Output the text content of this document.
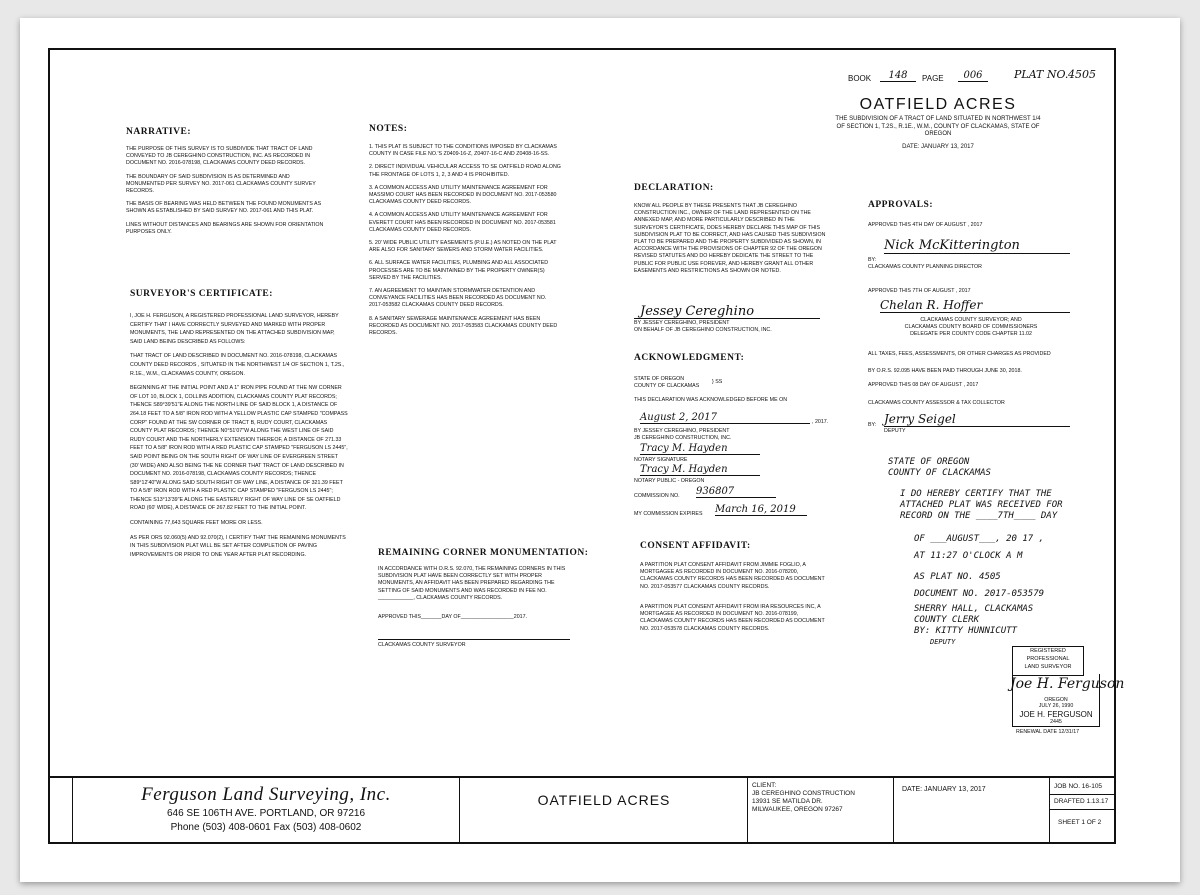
BOOK	148	PAGE	006	PLAT NO. 4505
OATFIELD ACRES
THE SUBDIVISION OF A TRACT OF LAND SITUATED IN NORTHWEST 1/4 OF SECTION 1, T.2S., R.1E., W.M., COUNTY OF CLACKAMAS, STATE OF OREGON
DATE: JANUARY 13, 2017
NARRATIVE:

THE PURPOSE OF THIS SURVEY IS TO SUBDIVIDE THAT TRACT OF LAND CONVEYED TO JB CEREGHINO CONSTRUCTION, INC. AS RECORDED IN DOCUMENT NO. 2016-078198, CLACKAMAS COUNTY DEED RECORDS.

THE BOUNDARY OF SAID SUBDIVISION IS AS DETERMINED AND MONUMENTED PER SURVEY NO. 2017-061 CLACKAMAS COUNTY SURVEY RECORDS.

THE BASIS OF BEARING WAS HELD BETWEEN THE FOUND MONUMENTS AS SHOWN AS ESTABLISHED BY SAID SURVEY NO. 2017-061 AND THIS PLAT.

LINES WITHOUT DISTANCES AND BEARINGS ARE SHOWN FOR ORIENTATION PURPOSES ONLY.

SURVEYOR'S CERTIFICATE:

I, JOE H. FERGUSON, A REGISTERED PROFESSIONAL LAND SURVEYOR, HEREBY CERTIFY THAT I HAVE CORRECTLY SURVEYED AND MARKED WITH PROPER MONUMENTS, THE LAND REPRESENTED ON THE ATTACHED SUBDIVISION MAP, SAID LAND BEING DESCRIBED AS FOLLOWS:

THAT TRACT OF LAND DESCRIBED IN DOCUMENT NO. 2016-078198, CLACKAMAS COUNTY DEED RECORDS , SITUATED IN THE NORTHWEST 1/4 OF SECTION 1, T.2S., R.1E., W.M., CLACKAMAS COUNTY, OREGON.

BEGINNING AT THE INITIAL POINT AND A 1" IRON PIPE FOUND AT THE NW CORNER OF LOT 10, BLOCK 1, COLLINS ADDITION, CLACKAMAS COUNTY PLAT RECORDS; THENCE S89°39'51"E ALONG THE NORTH LINE OF SAID BLOCK 1, A DISTANCE OF 264.18 FEET TO A 5/8" IRON ROD WITH A YELLOW PLASTIC CAP STAMPED "COMPASS CORP" FOUND AT THE SW CORNER OF TRACT B, RUDY COURT, CLACKAMAS COUNTY PLAT RECORDS; THENCE N0°51'07"W ALONG THE WEST LINE OF SAID RUDY COURT AND THE NORTHERLY EXTENSION THEREOF, A DISTANCE OF 271.33 FEET TO A 5/8" IRON ROD WITH A RED PLASTIC CAP STAMPED "FERGUSON LS 2445", SAID POINT BEING ON THE SOUTH RIGHT OF WAY LINE OF EVERGREEN STREET (30' WIDE) AND ALSO BEING THE NE CORNER THAT TRACT OF LAND DESCRIBED IN DOCUMENT NO. 2016-078198, CLACKAMAS COUNTY RECORDS; THENCE S89°12'40"W ALONG SAID SOUTH RIGHT OF WAY LINE, A DISTANCE OF 321.39 FEET TO A 5/8" IRON ROD WITH A RED PLASTIC CAP STAMPED "FERGUSON LS 2445"; THENCE S13°13'39"E ALONG THE EASTERLY RIGHT OF WAY LINE OF SE OATFIELD ROAD (60' WIDE), A DISTANCE OF 267.82 FEET TO THE INITIAL POINT.

CONTAINING 77,643 SQUARE FEET MORE OR LESS.

AS PER ORS 92.060(5) AND 92.070(2), I CERTIFY THAT THE REMAINING MONUMENTS IN THIS SUBDIVISION PLAT WILL BE SET AFTER COMPLETION OF PAVING IMPROVEMENTS OR PRIOR TO ONE YEAR AFTER PLAT RECORDING.

NOTES:

1. THIS PLAT IS SUBJECT TO THE CONDITIONS IMPOSED BY CLACKAMAS COUNTY IN CASE FILE NO.'S Z0409-16-Z, Z0407-16-C AND Z0408-16-SS.

2. DIRECT INDIVIDUAL VEHICULAR ACCESS TO SE OATFIELD ROAD ALONG THE FRONTAGE OF LOTS 1, 2, 3 AND 4 IS PROHIBITED.

3. A COMMON ACCESS AND UTILITY MAINTENANCE AGREEMENT FOR MASSIMO COURT HAS BEEN RECORDED IN DOCUMENT NO. 2017-053580 CLACKAMAS COUNTY DEED RECORDS.

4. A COMMON ACCESS AND UTILITY MAINTENANCE AGREEMENT FOR EVERETT COURT HAS BEEN RECORDED IN DOCUMENT NO. 2017-053581 CLACKAMAS COUNTY DEED RECORDS.

5. 20' WIDE PUBLIC UTILITY EASEMENTS (P.U.E.) AS NOTED ON THE PLAT ARE ALSO FOR SANITARY SEWERS AND STORM WATER FACILITIES.

6. ALL SURFACE WATER FACILITIES, PLUMBING AND ALL ASSOCIATED PROCESSES ARE TO BE MAINTAINED BY THE PROPERTY OWNER(S) SERVED BY THE FACILITIES.

7. AN AGREEMENT TO MAINTAIN STORMWATER DETENTION AND CONVEYANCE FACILITIES HAS BEEN RECORDED AS DOCUMENT NO. 2017-053582 CLACKAMAS COUNTY DEED RECORDS.

8. A SANITARY SEWERAGE MAINTENANCE AGREEMENT HAS BEEN RECORDED AS DOCUMENT NO. 2017-053583 CLACKAMAS COUNTY DEED RECORDS.

REMAINING CORNER MONUMENTATION:
IN ACCORDANCE WITH O.R.S. 92.070, THE REMAINING CORNERS IN THIS SUBDIVISION PLAT HAVE BEEN CORRECTLY SET WITH PROPER MONUMENTS, AN AFFIDAVIT HAS BEEN PREPARED REGARDING THE SETTING OF SAID MONUMENTS AND WAS RECORDED IN FEE NO. ____________, CLACKAMAS COUNTY RECORDS.
APPROVED THIS_______DAY OF__________________2017.
CLACKAMAS COUNTY SURVEYOR
DECLARATION:
KNOW ALL PEOPLE BY THESE PRESENTS THAT JB CEREGHINO CONSTRUCTION INC., OWNER OF THE LAND REPRESENTED ON THE ANNEXED MAP, AND MORE PARTICULARLY DESCRIBED IN THE SURVEYOR'S CERTIFICATE, DOES HEREBY DECLARE THIS MAP OF THIS SUBDIVISION PLAT TO BE CORRECT, AND HAS CAUSED THIS SUBDIVISION PLAT TO BE PREPARED AND THE PROPERTY SUBDIVIDED AS SHOWN, IN ACCORDANCE WITH THE PROVISIONS OF CHAPTER 92 OF THE OREGON REVISED STATUTES AND DO HEREBY DEDICATE THE STREET TO THE PUBLIC FOR PUBLIC USE FOREVER, AND HEREBY GRANT ALL OTHER EASEMENTS AND RESTRICTIONS AS SHOWN OR NOTED.
Jessey Cereghino
BY JESSEY CEREGHINO, PRESIDENT
ON BEHALF OF JB CEREGHINO CONSTRUCTION, INC.
ACKNOWLEDGMENT:
STATE OF OREGON
COUNTY OF CLACKAMAS
} SS
THIS DECLARATION WAS ACKNOWLEDGED BEFORE ME ON
August 2, 2017	, 2017.
BY JESSEY CEREGHINO, PRESIDENT
JB CEREGHINO CONSTRUCTION, INC.
Tracy M. Hayden
NOTARY SIGNATURE
Tracy M. Hayden
NOTARY PUBLIC - OREGON
COMMISSION NO. 936807
MY COMMISSION EXPIRES March 16, 2019
CONSENT AFFIDAVIT:
A PARTITION PLAT CONSENT AFFIDAVIT FROM JIMMIE FOGLIO, A MORTGAGEE AS RECORDED IN DOCUMENT NO. 2016-078200, CLACKAMAS COUNTY RECORDS HAS BEEN RECORDED AS DOCUMENT NO. 2017-053577 CLACKAMAS COUNTY RECORDS.
A PARTITION PLAT CONSENT AFFIDAVIT FROM IRA RESOURCES INC, A MORTGAGEE AS RECORDED IN DOCUMENT NO. 2016-078199, CLACKAMAS COUNTY RECORDS HAS BEEN RECORDED AS DOCUMENT NO. 2017-053578 CLACKAMAS COUNTY RECORDS.
APPROVALS:
APPROVED THIS 4TH DAY OF AUGUST , 2017
BY:
Nick McKitterington
CLACKAMAS COUNTY PLANNING DIRECTOR
APPROVED THIS 7TH OF AUGUST , 2017
Chelan R. Hoffer
CLACKAMAS COUNTY SURVEYOR; AND
CLACKAMAS COUNTY BOARD OF COMMISSIONERS
DELEGATE PER COUNTY CODE CHAPTER 11.02
ALL TAXES, FEES, ASSESSMENTS, OR OTHER CHARGES AS PROVIDED
BY O.R.S. 92.095 HAVE BEEN PAID THROUGH JUNE 30, 2018.
APPROVED THIS 08 DAY OF AUGUST , 2017
CLACKAMAS COUNTY ASSESSOR & TAX COLLECTOR
BY: Jerry Seigel
DEPUTY
STATE OF OREGON
COUNTY OF CLACKAMAS
I DO HEREBY CERTIFY THAT THE
ATTACHED PLAT WAS RECEIVED FOR
RECORD ON THE ____7TH____ DAY
OF ___AUGUST___, 20 17 ,
AT 11:27 O'CLOCK A M
AS PLAT NO. 4505
DOCUMENT NO. 2017-053579
SHERRY HALL, CLACKAMAS
COUNTY CLERK
BY: KITTY HUNNICUTT
DEPUTY
REGISTERED
PROFESSIONAL
LAND SURVEYOR
Joe H. Ferguson
OREGON
JULY 26, 1990
JOE H. FERGUSON
2445
RENEWAL DATE 12/31/17
Ferguson Land Surveying, Inc.
646 SE 106TH AVE. PORTLAND, OR 97216
Phone (503) 408-0601 Fax (503) 408-0602
OATFIELD ACRES
CLIENT:
JB CEREGHINO CONSTRUCTION
13931 SE MATILDA DR.
MILWAUKEE, OREGON 97267
DATE: JANUARY 13, 2017	JOB NO. 16-105
DRAFTED 1.13.17
SHEET 1 OF 2
